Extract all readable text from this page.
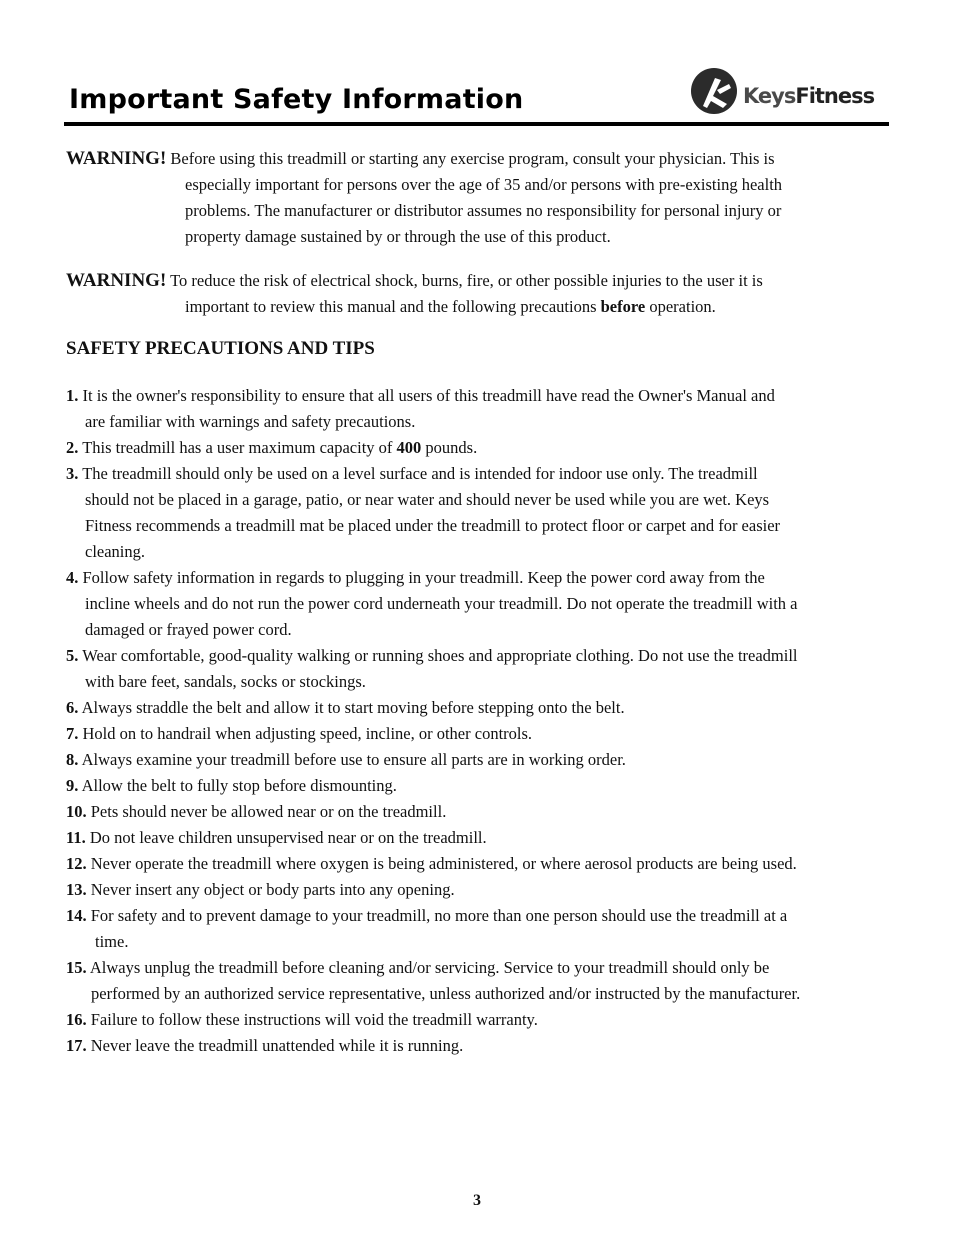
Important Safety Information	KeysFitness
WARNING! Before using this treadmill or starting any exercise program, consult your physician. This is
especially important for persons over the age of 35 and/or persons with pre-existing health
problems. The manufacturer or distributor assumes no responsibility for personal injury or
property damage sustained by or through the use of this product.
WARNING! To reduce the risk of electrical shock, burns, fire, or other possible injuries to the user it is
important to review this manual and the following precautions before operation.
SAFETY PRECAUTIONS AND TIPS
1. It is the owner's responsibility to ensure that all users of this treadmill have read the Owner's Manual and
are familiar with warnings and safety precautions.
2. This treadmill has a user maximum capacity of 400 pounds.
3. The treadmill should only be used on a level surface and is intended for indoor use only. The treadmill
should not be placed in a garage, patio, or near water and should never be used while you are wet. Keys
Fitness recommends a treadmill mat be placed under the treadmill to protect floor or carpet and for easier
cleaning.
4. Follow safety information in regards to plugging in your treadmill. Keep the power cord away from the
incline wheels and do not run the power cord underneath your treadmill. Do not operate the treadmill with a
damaged or frayed power cord.
5. Wear comfortable, good-quality walking or running shoes and appropriate clothing. Do not use the treadmill
with bare feet, sandals, socks or stockings.
6. Always straddle the belt and allow it to start moving before stepping onto the belt.
7. Hold on to handrail when adjusting speed, incline, or other controls.
8. Always examine your treadmill before use to ensure all parts are in working order.
9. Allow the belt to fully stop before dismounting.
10. Pets should never be allowed near or on the treadmill.
11. Do not leave children unsupervised near or on the treadmill.
12. Never operate the treadmill where oxygen is being administered, or where aerosol products are being used.
13. Never insert any object or body parts into any opening.
14. For safety and to prevent damage to your treadmill, no more than one person should use the treadmill at a
time.
15. Always unplug the treadmill before cleaning and/or servicing. Service to your treadmill should only be
performed by an authorized service representative, unless authorized and/or instructed by the manufacturer.
16. Failure to follow these instructions will void the treadmill warranty.
17. Never leave the treadmill unattended while it is running.
3
